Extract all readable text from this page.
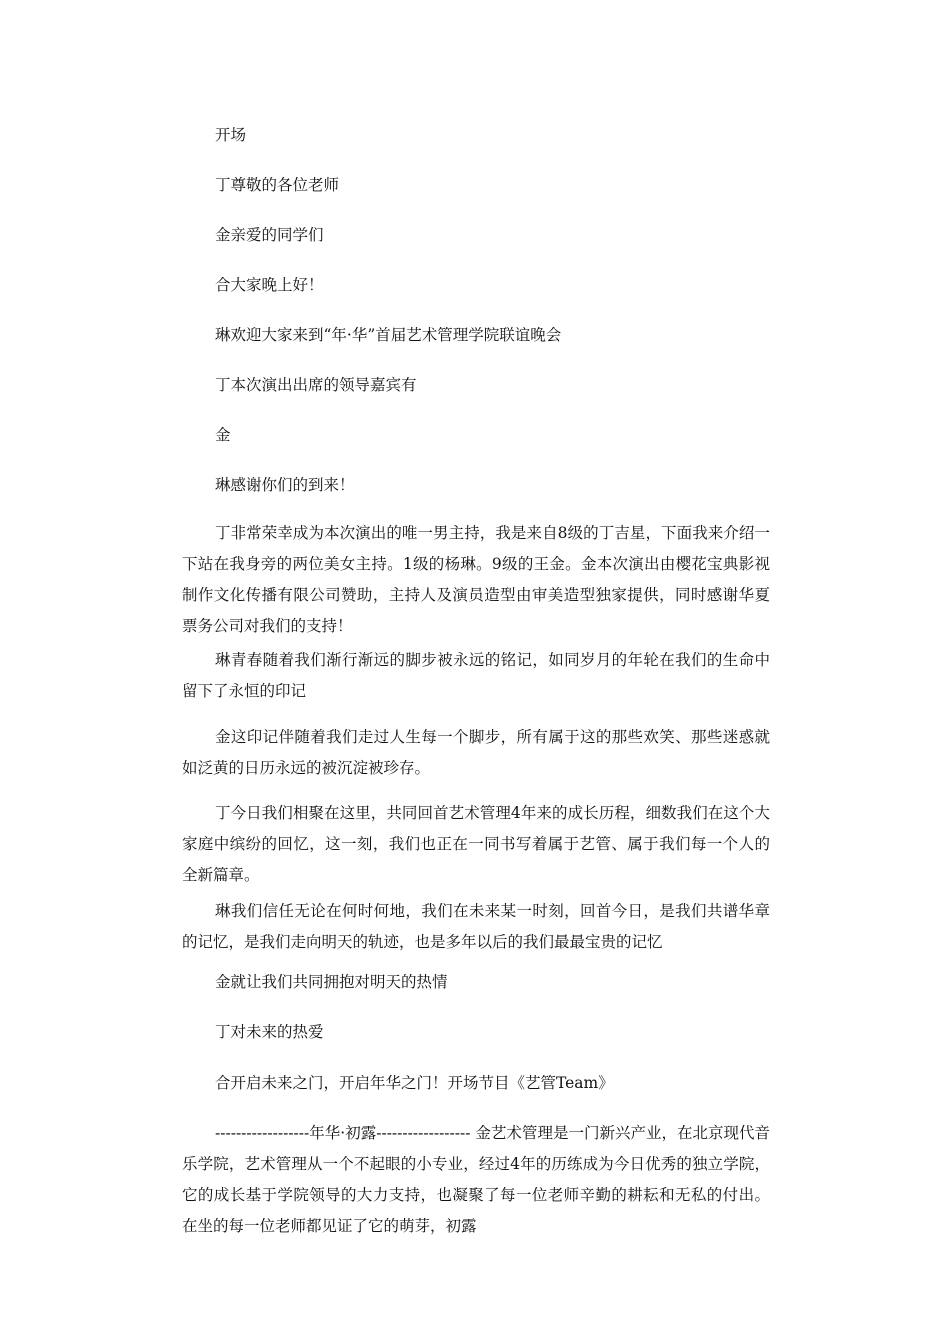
开场

丁尊敬的各位老师

金亲爱的同学们

合大家晚上好！

琳欢迎大家来到“年·华”首届艺术管理学院联谊晚会

丁本次演出出席的领导嘉宾有

金

琳感谢你们的到来！

丁非常荣幸成为本次演出的唯一男主持，我是来自8级的丁吉星，下面我来介绍一下站在我身旁的两位美女主持。1级的杨琳。9级的王金。金本次演出由樱花宝典影视制作文化传播有限公司赞助，主持人及演员造型由审美造型独家提供，同时感谢华夏票务公司对我们的支持！

琳青春随着我们渐行渐远的脚步被永远的铭记，如同岁月的年轮在我们的生命中留下了永恒的印记

金这印记伴随着我们走过人生每一个脚步，所有属于这的那些欢笑、那些迷惑就如泛黄的日历永远的被沉淀被珍存。

丁今日我们相聚在这里，共同回首艺术管理4年来的成长历程，细数我们在这个大家庭中缤纷的回忆，这一刻，我们也正在一同书写着属于艺管、属于我们每一个人的全新篇章。

琳我们信任无论在何时何地，我们在未来某一时刻，回首今日，是我们共谱华章的记忆，是我们走向明天的轨迹，也是多年以后的我们最最宝贵的记忆

金就让我们共同拥抱对明天的热情

丁对未来的热爱

合开启未来之门，开启年华之门！开场节目《艺管Team》

------------------年华·初露------------------ 金艺术管理是一门新兴产业，在北京现代音乐学院，艺术管理从一个不起眼的小专业，经过4年的历练成为今日优秀的独立学院，它的成长基于学院领导的大力支持，也凝聚了每一位老师辛勤的耕耘和无私的付出。在坐的每一位老师都见证了它的萌芽，初露
